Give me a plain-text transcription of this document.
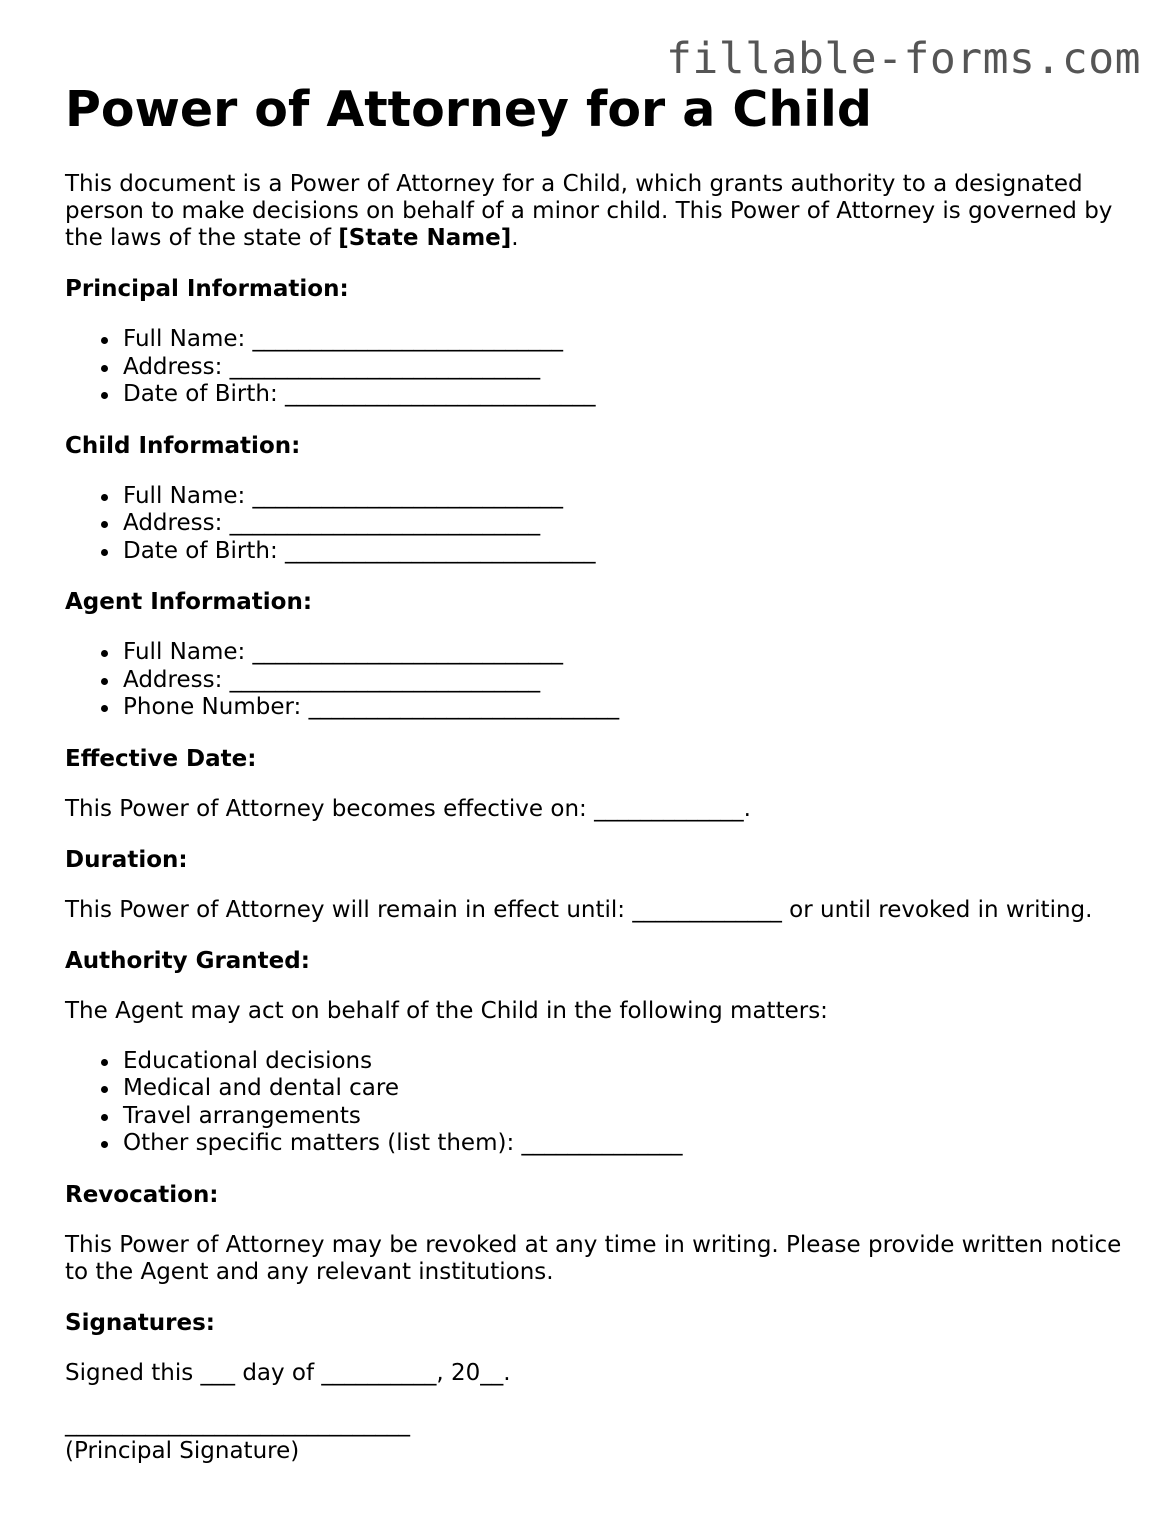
fillable-forms.com
Power of Attorney for a Child

This document is a Power of Attorney for a Child, which grants authority to a designated person to make decisions on behalf of a minor child. This Power of Attorney is governed by the laws of the state of [State Name].

Principal Information:

Full Name: ___________________________
Address: ___________________________
Date of Birth: ___________________________

Child Information:

Full Name: ___________________________
Address: ___________________________
Date of Birth: ___________________________

Agent Information:

Full Name: ___________________________
Address: ___________________________
Phone Number: ___________________________

Effective Date:

This Power of Attorney becomes effective on: _____________.

Duration:

This Power of Attorney will remain in effect until: _____________ or until revoked in writing.

Authority Granted:

The Agent may act on behalf of the Child in the following matters:

Educational decisions
Medical and dental care
Travel arrangements
Other specific matters (list them): ______________

Revocation:

This Power of Attorney may be revoked at any time in writing. Please provide written notice to the Agent and any relevant institutions.

Signatures:

Signed this ___ day of __________, 20__.

______________________________
(Principal Signature)
